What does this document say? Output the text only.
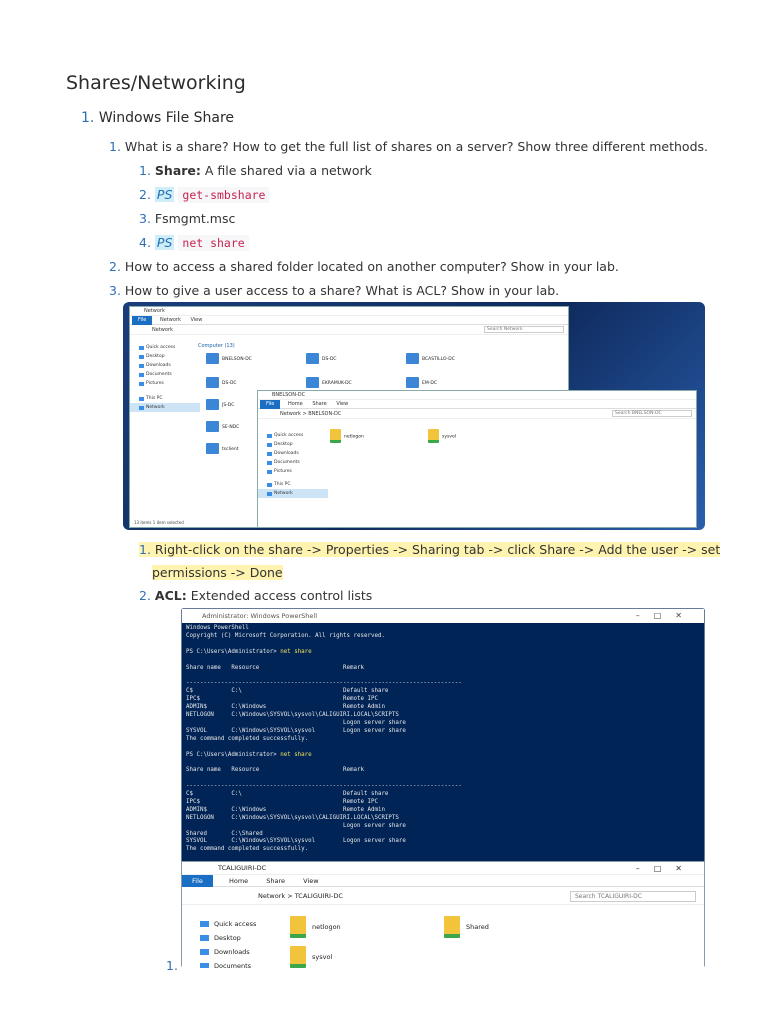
Shares/Networking
1. Windows File Share
1. What is a share? How to get the full list of shares on a server? Show three different methods.
1. Share: A file shared via a network
2. PS get-smbshare
3. Fsmgmt.msc
4. PS net share
2. How to access a shared folder located on another computer? Show in your lab.
3. How to give a user access to a share? What is ACL? Show in your lab.
Network
File	Network View
Network	Search Network
Quick access
Desktop
Downloads
Documents
Pictures
This PC
Network
Computer (13)
BNELSON-DC	DS-DC	BCASTILLO-DC
DS-DC	EKRAMUK-DC	EM-DC
JS-DC
SE-NDC
tsclient
13 items 1 item selected
BNELSON-DC
File	Home Share View
Network > BNELSON-DC	Search BNELSON-DC
Quick access
Desktop
Downloads
Documents
Pictures
This PC
Network
netlogon	sysvol
1. Right-click on the share -> Properties -> Sharing tab -> click Share -> Add the user -> set
permissions -> Done
2. ACL: Extended access control lists
Administrator: Windows PowerShell	–□✕
Windows PowerShell
Copyright (C) Microsoft Corporation. All rights reserved.

PS C:\Users\Administrator> net share

Share name   Resource                        Remark

-------------------------------------------------------------------------------
C$           C:\                             Default share
IPC$                                         Remote IPC
ADMIN$       C:\Windows                      Remote Admin
NETLOGON     C:\Windows\SYSVOL\sysvol\CALIGUIRI.LOCAL\SCRIPTS
Logon server share
SYSVOL       C:\Windows\SYSVOL\sysvol        Logon server share
The command completed successfully.

PS C:\Users\Administrator> net share

Share name   Resource                        Remark

-------------------------------------------------------------------------------
C$           C:\                             Default share
IPC$                                         Remote IPC
ADMIN$       C:\Windows                      Remote Admin
NETLOGON     C:\Windows\SYSVOL\sysvol\CALIGUIRI.LOCAL\SCRIPTS
Logon server share
Shared       C:\Shared
SYSVOL       C:\Windows\SYSVOL\sysvol        Logon server share
The command completed successfully.
TCALIGUIRI-DC	–□✕
File	Home	Share	View
Network > TCALIGUIRI-DC	Search TCALIGUIRI-DC
Quick access
Desktop
Downloads
Documents
netlogon	Shared
sysvol
1.
